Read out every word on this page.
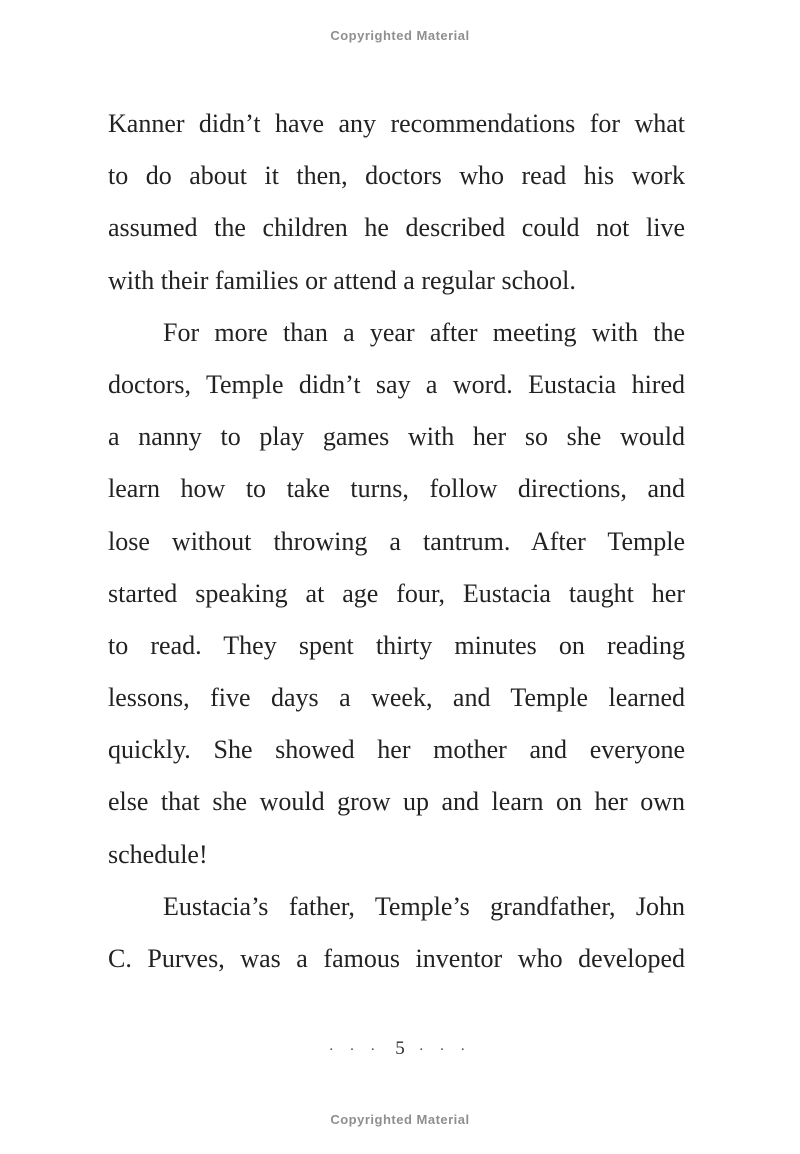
Copyrighted Material
Kanner didn’t have any recommendations for what
to do about it then, doctors who read his work
assumed the children he described could not live
with their families or attend a regular school.
For more than a year after meeting with the
doctors, Temple didn’t say a word. Eustacia hired
a nanny to play games with her so she would
learn how to take turns, follow directions, and
lose without throwing a tantrum. After Temple
started speaking at age four, Eustacia taught her
to read. They spent thirty minutes on reading
lessons, five days a week, and Temple learned
quickly. She showed her mother and everyone
else that she would grow up and learn on her own
schedule!
Eustacia’s father, Temple’s grandfather, John
C. Purves, was a famous inventor who developed
· · · 5 · · ·
Copyrighted Material
